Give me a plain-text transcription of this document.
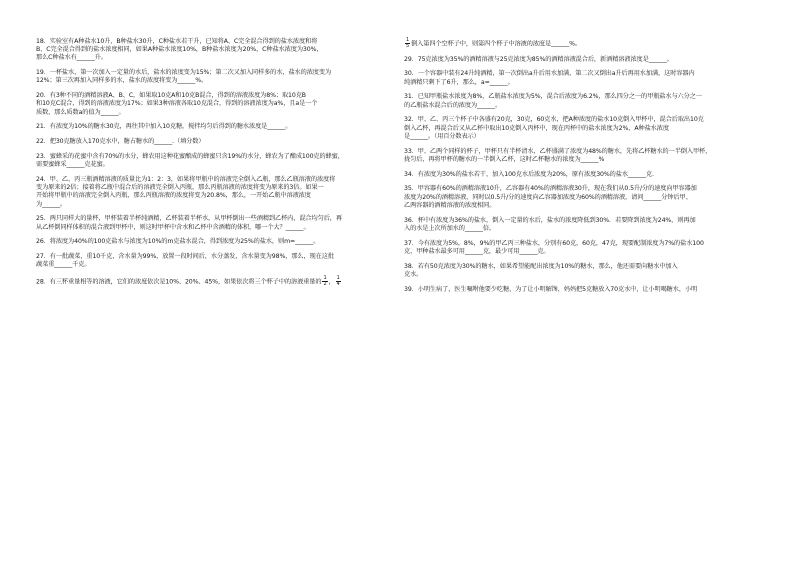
18．实验室有A种盐水10升，B种盐水30升，C种盐水若干升，已知将A、C完全混合得到的盐水浓度和将
B、C完全混合得到的盐水浓度相同，如果A种盐水浓度10%，B种盐水浓度为20%，C种盐水浓度为30%，
那么C种盐水有______升。
19．一杯盐水，第一次加入一定量的水后，盐水的浓度变为15%；第二次又加入同样多的水，盐水的浓度变为
12%；第三次再加入同样多的水，盐水的浓度将变为______%。
20．有3种不同的酒精溶液A、B、C，如果取10克A和10克B混合，得到的溶液浓度为8%；取10克B
和10克C混合，得到的溶液浓度为17%；如果3种溶液各取10克混合，得到的溶液浓度为a%，且a是一个
质数，那么质数a的值为______。
21．有浓度为10%的糖水30克，再往其中加入10克糖，搅拌均匀后得到的糖水浓度是______。
22．把30克糖放入170克水中，糖占糖水的______.（填分数）
23．蜜蜂采的花蜜中含有70%的水分，蜂农用这种花蜜酿成的蜂蜜只含19%的水分，蜂农为了酿成100克的蜂蜜，
需要蜜蜂采______克花蜜。
24．甲、乙、丙三瓶酒精溶液的质量比为1：2：3，如果将甲瓶中的溶液完全倒入乙瓶，那么乙瓶溶液的浓度将
变为原来的2倍；接着将乙瓶中混合后的溶液完全倒入丙瓶，那么丙瓶溶液的浓度将变为原来的3倍。如果一
开始将甲瓶中的溶液完全倒入丙瓶，那么丙瓶溶液的浓度将变为20.8%，那么，一开始乙瓶中溶液浓度
为______。
25．两只同样大的量杯，甲杯装着半杯纯酒精，乙杯装着半杯水，从甲杯倒出一些酒精到乙杯内，混合均匀后，再
从乙杯倒同样体积的混合液到甲杯中，则这时甲杯中含水和乙杯中含酒精的体积，哪一个大？______。
26．将浓度为40%的100克盐水与浓度为10%的m克盐水混合，得到浓度为25%的盐水，则m=______。
27．有一批蔬菜，重10千克，含水量为99%，放置一段时间后，水分蒸发，含水量变为98%，那么，现在这批
蔬菜重______千克。
28．有三杯重量相等的溶液，它们的浓度依次是10%、20%、45%，如果依次将三个杯子中的溶液重量的 $\frac{1}{2}$ ， $\frac{1}{4}$
$\frac{1}{5}$ 倒入第四个空杯子中，则第四个杯子中溶液的浓度是______%。
29．75克浓度为35%的酒精溶液与25克浓度为85%的酒精溶液混合后，新酒精溶液浓度是______。
30．一个容器中装有24升纯酒精，第一次倒出a升后用水加满，第二次又倒出a升后再用水加满，这时容器内
纯酒精只剩下了6升，那么，a=______。
31．已知甲瓶盐水浓度为8%，乙瓶盐水浓度为5%，混合后浓度为6.2%，那么四分之一的甲瓶盐水与六分之一
的乙瓶盐水混合后的浓度为______。
32．甲、乙、丙三个杯子中各盛有20克，30克，60克水，把A种浓度的盐水10克倒入甲杯中，混合后取出10克
倒入乙杯，再混合后又从乙杯中取出10克倒入丙杯中，现在丙杯中的盐水浓度为2%，A种盐水浓度
是______。（用百分数表示）
33．甲、乙两个同样的杯子，甲杯只有半杯清水，乙杯盛满了浓度为48%的糖水，先将乙杯糖水的一半倒入甲杯，
拢匀后，再将甲杯的糖水的一半倒入乙杯，这时乙杯糖水的浓度为______%
34．有浓度为30%的盐水若干，加入100克水后浓度为20%，原有浓度30%的盐水______克.
35．甲容器有60%的酒精溶液10升，乙容器有40%的酒精溶液30升，现在我们从0.5升/分的速度向甲容器加
浓度为20%的酒精溶液，同时以0.5升/分的速度向乙容器加浓度为60%的酒精溶液，请问______分钟后甲、
乙两容器的酒精溶液的浓度相同。
36．杯中有浓度为36%的盐水，倒入一定量的水后，盐水的浓度降低到30%．若要降到浓度为24%，则再加
入的水是上次所加水的______倍。
37．今有浓度为5%，8%，9%的甲乙丙三种盐水，分别有60克，60克，47克，现要配制浓度为7%的盐水100
克，甲种盐水最多可用______克，最少可用______克。
38．若有50克浓度为30%的糖水，如果希望能配出浓度为10%的糖水，那么，他还需要向糖水中加入
克水。
39．小明生病了，医生嘱咐他要少吃糖，为了让小明解馋，妈妈把5克糖放入70克水中，让小明喝糖水，小明
